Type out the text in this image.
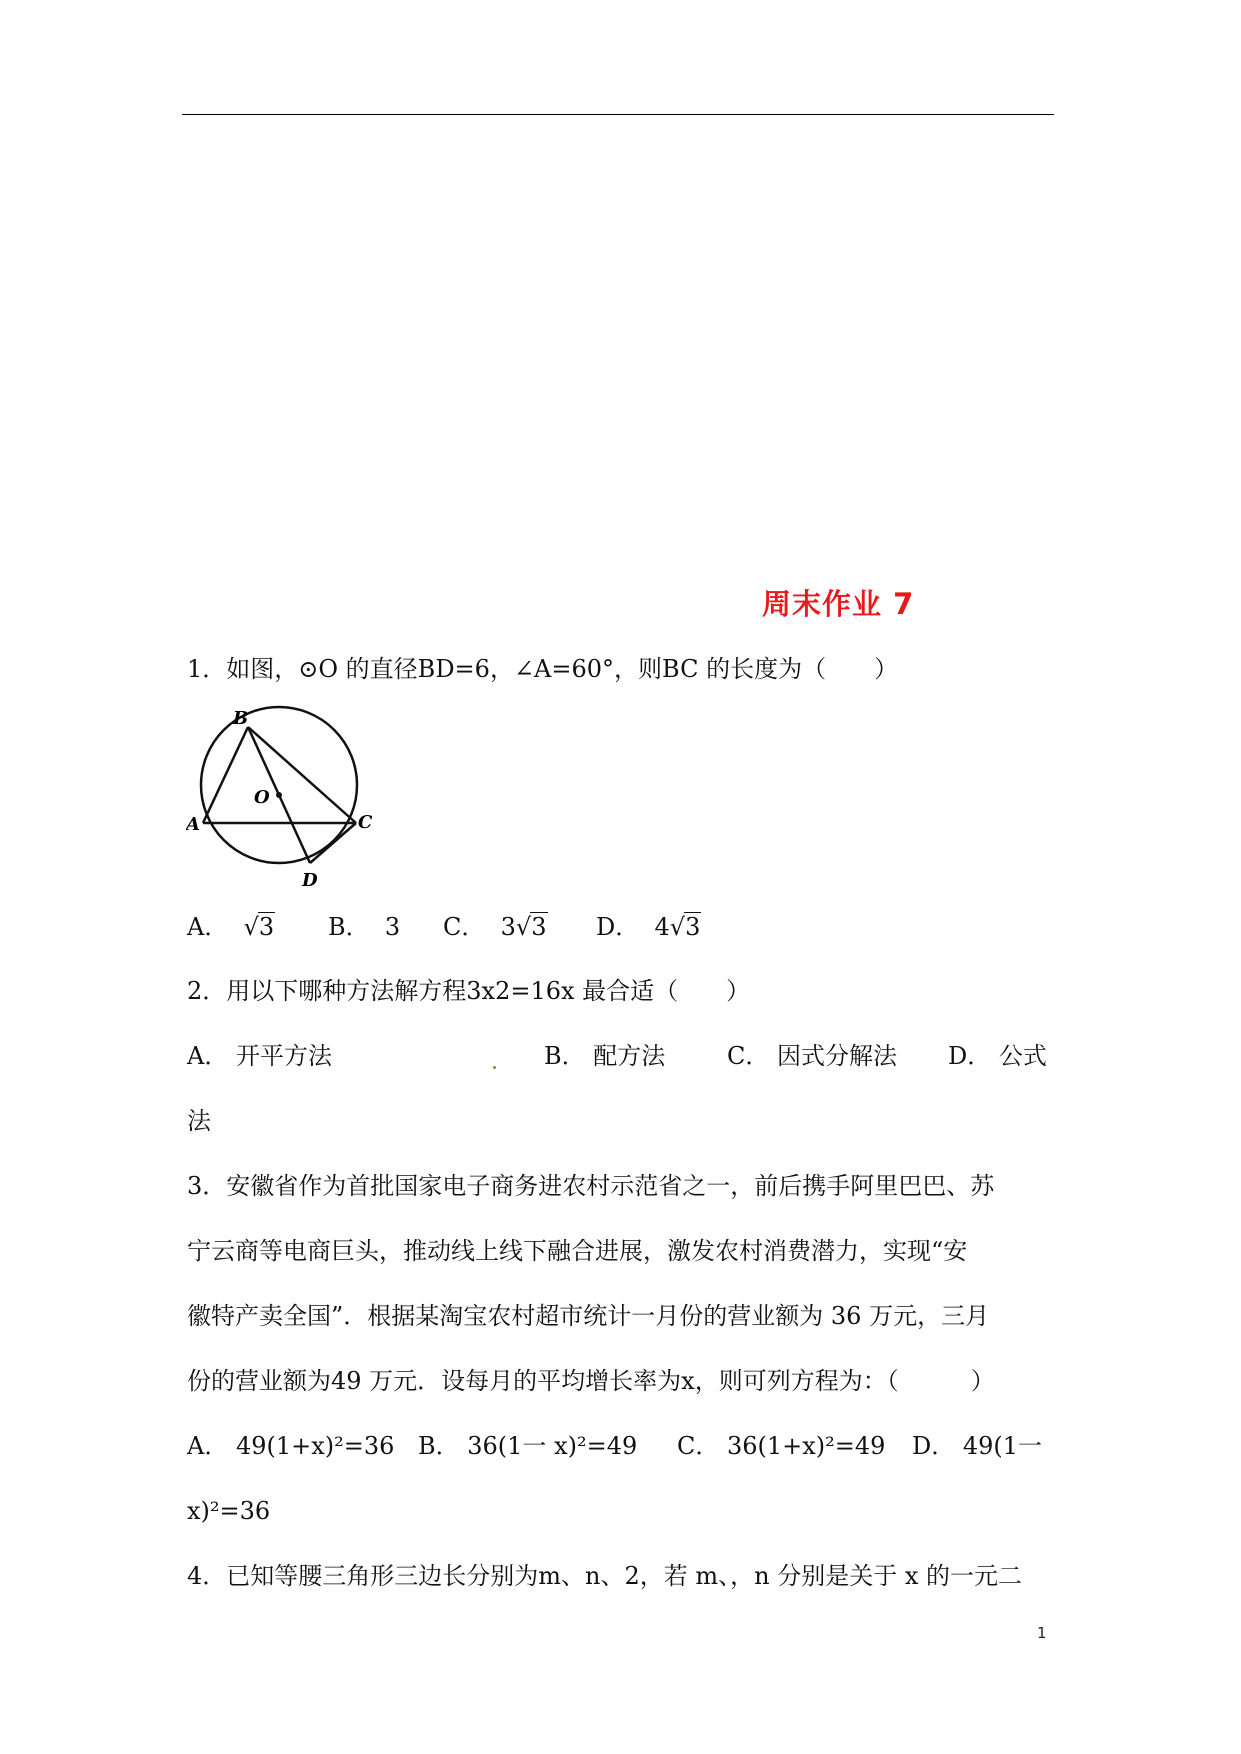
周末作业 7
1．如图，⊙O 的直径BD=6，∠A=60°，则BC 的长度为（　　）
B
O
A	C
D
A． √3 B． 3 C． 3√3 D． 4√3
2．用以下哪种方法解方程3x2=16x 最合适（　　）
A． 开平方法	B． 配方法	C． 因式分解法 D． 公式
法
3．安徽省作为首批国家电子商务进农村示范省之一，前后携手阿里巴巴、苏
宁云商等电商巨头，推动线上线下融合进展，激发农村消费潜力，实现“安
徽特产卖全国”．根据某淘宝农村超市统计一月份的营业额为 36 万元，三月
份的营业额为49 万元．设每月的平均增长率为x，则可列方程为：（　　　）
A． 49(1+x)²=36 B． 36(1一 x)²=49 C． 36(1+x)²=49 D． 49(1一
x)²=36
4．已知等腰三角形三边长分别为m、n、2，若 m、，n 分别是关于 x 的一元二
1
